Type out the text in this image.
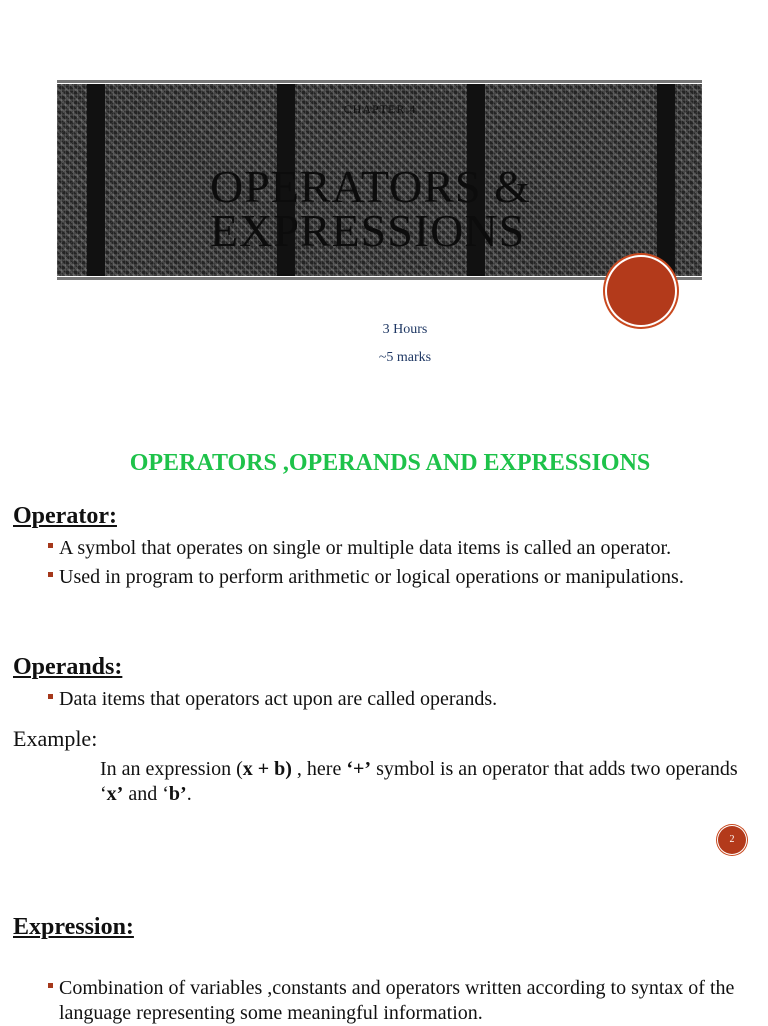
CHAPTER 4
OPERATORS &
EXPRESSIONS
3 Hours
~5 marks
OPERATORS ,OPERANDS AND EXPRESSIONS
Operator:
A symbol that operates on single or multiple data items is called an operator.
Used in program to perform arithmetic or logical operations or manipulations.
Operands:
Data items that operators act upon are called operands.
Example:
In an expression (x + b) , here ‘+’ symbol is an operator that adds two operands ‘x’ and ‘b’.
2
Expression:
Combination of variables ,constants and operators written according to syntax of the language representing some meaningful information.
